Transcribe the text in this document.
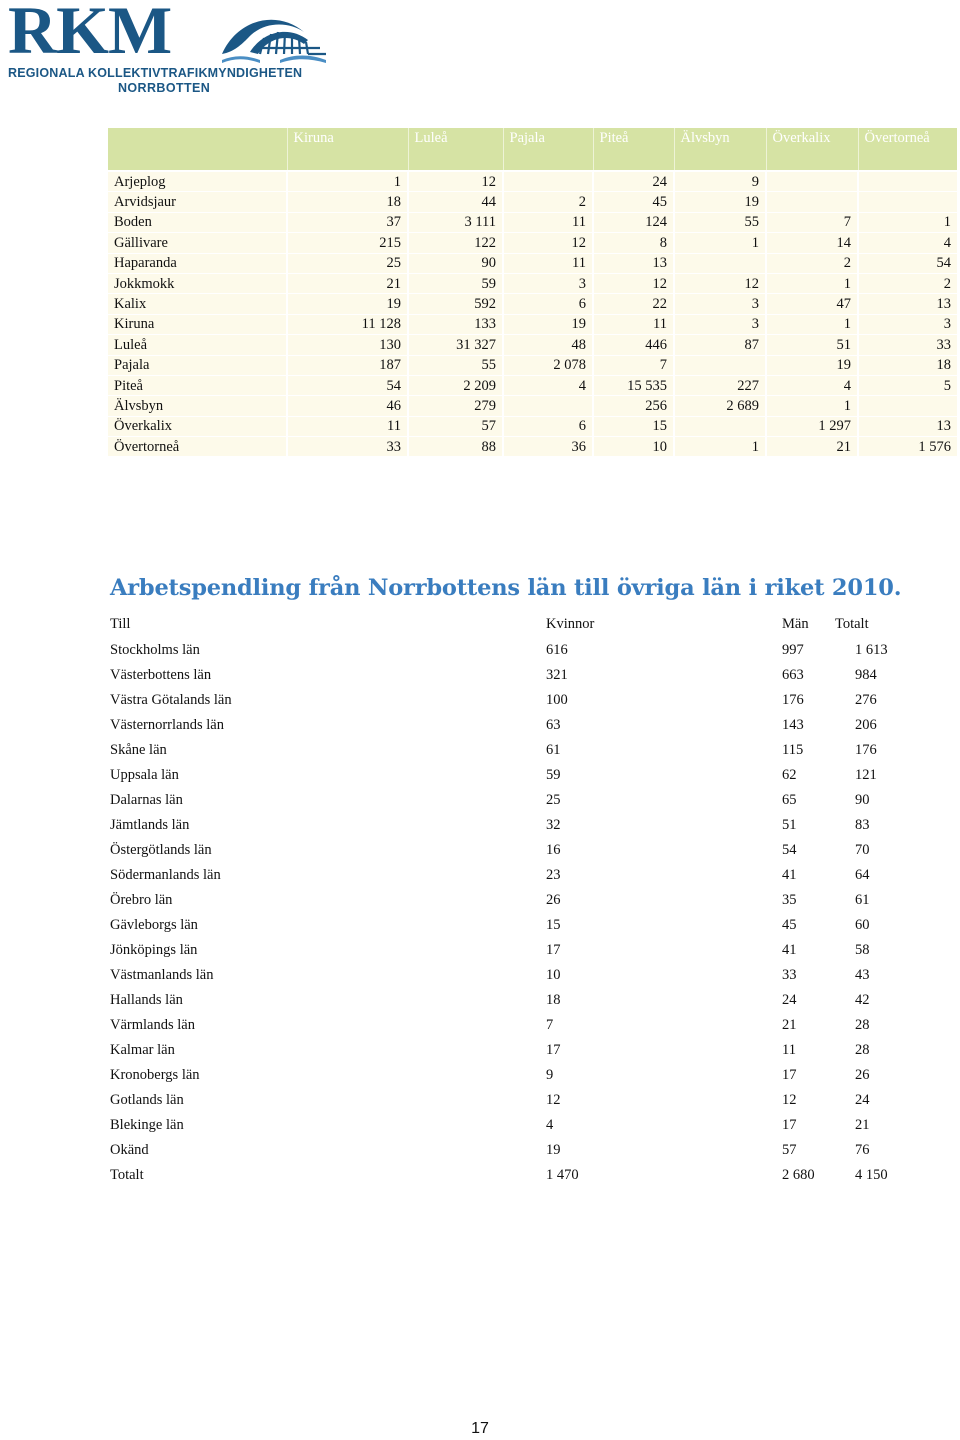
RKM
REGIONALA KOLLEKTIVTRAFIKMYNDIGHETEN
NORRBOTTEN
	Kiruna	Luleå	Pajala	Piteå	Älvsbyn	Överkalix	Övertorneå

Arjeplog	1	12		24	9		
Arvidsjaur	18	44	2	45	19		
Boden	37	3 111	11	124	55	7	1
Gällivare	215	122	12	8	1	14	4
Haparanda	25	90	11	13		2	54
Jokkmokk	21	59	3	12	12	1	2
Kalix	19	592	6	22	3	47	13
Kiruna	11 128	133	19	11	3	1	3
Luleå	130	31 327	48	446	87	51	33
Pajala	187	55	2 078	7		19	18
Piteå	54	2 209	4	15 535	227	4	5
Älvsbyn	46	279		256	2 689	1	
Överkalix	11	57	6	15		1 297	13
Övertorneå	33	88	36	10	1	21	1 576
Arbetspendling från Norrbottens län till övriga län i riket 2010.
Till	Kvinnor	Män Totalt
Stockholms län	616	997	1 613
Västerbottens län	321	663	984
Västra Götalands län	100	176	276
Västernorrlands län	63	143	206
Skåne län	61	115	176
Uppsala län	59	62	121
Dalarnas län	25	65	90
Jämtlands län	32	51	83
Östergötlands län	16	54	70
Södermanlands län	23	41	64
Örebro län	26	35	61
Gävleborgs län	15	45	60
Jönköpings län	17	41	58
Västmanlands län	10	33	43
Hallands län	18	24	42
Värmlands län	7	21	28
Kalmar län	17	11	28
Kronobergs län	9	17	26
Gotlands län	12	12	24
Blekinge län	4	17	21
Okänd	19	57	76
Totalt	1 470	2 680	4 150
17
